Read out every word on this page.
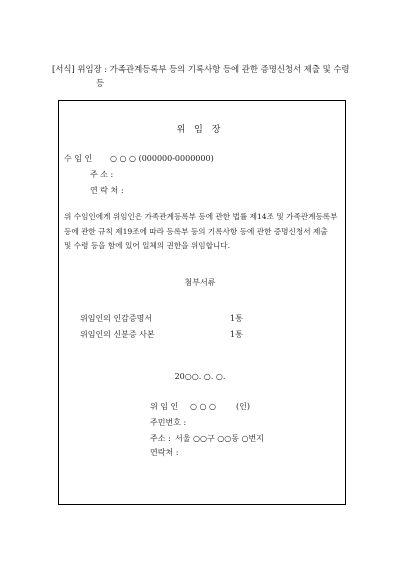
[서식] 위임장 : 가족관계등록부 등의 기록사항 등에 관한 증명신청서 제출 및 수령
등
위 임 장
수 임 인 ○ ○ ○ (000000-0000000)
주 소 :
연 락 처 :
위 수임인에게 위임인은 가족관계등록부 등에 관한 법률 제14조 및 가족관계등록부
등에 관한 규칙 제19조에 따라 등록부 등의 기록사항 등에 관한 증명신청서 제출
및 수령 등을 함에 있어 일체의 권한을 위임합니다.
첨부서류
위임인의 인감증명서	1통
위임인의 신분증 사본	1통
20○○. ○. ○.
위 임 인 ○ ○ ○ (인)
주민번호 :
주소 : 서울 ○○구 ○○동 ○번지
연락처 :
